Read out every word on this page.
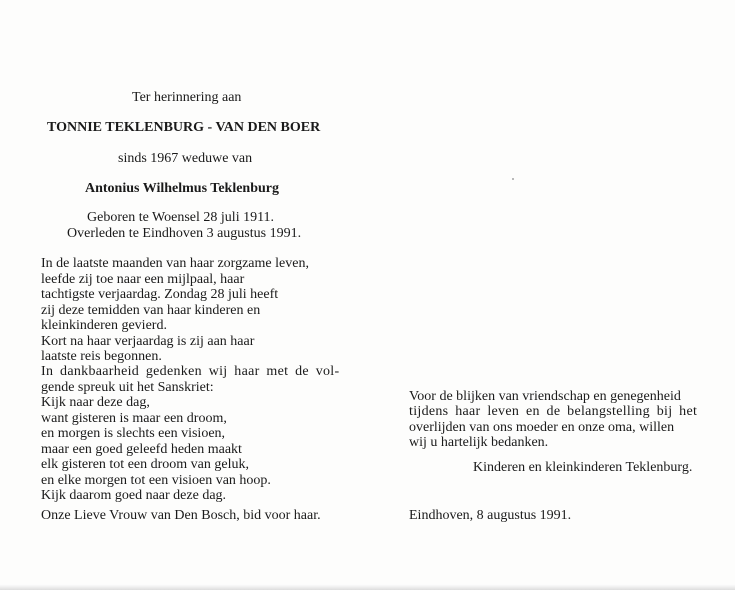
Ter herinnering aan
TONNIE TEKLENBURG - VAN DEN BOER
sinds 1967 weduwe van
Antonius Wilhelmus Teklenburg
Geboren te Woensel 28 juli 1911.
Overleden te Eindhoven 3 augustus 1991.
In de laatste maanden van haar zorgzame leven,
leefde zij toe naar een mijlpaal, haar
tachtigste verjaardag. Zondag 28 juli heeft
zij deze temidden van haar kinderen en
kleinkinderen gevierd.
Kort na haar verjaardag is zij aan haar
laatste reis begonnen.
In dankbaarheid gedenken wij haar met de vol-
gende spreuk uit het Sanskriet:
Kijk naar deze dag,
want gisteren is maar een droom,
en morgen is slechts een visioen,
maar een goed geleefd heden maakt
elk gisteren tot een droom van geluk,
en elke morgen tot een visioen van hoop.
Kijk daarom goed naar deze dag.
Onze Lieve Vrouw van Den Bosch, bid voor haar.
Voor de blijken van vriendschap en genegenheid
tijdens haar leven en de belangstelling bij het
overlijden van ons moeder en onze oma, willen
wij u hartelijk bedanken.
Kinderen en kleinkinderen Teklenburg.
Eindhoven, 8 augustus 1991.
